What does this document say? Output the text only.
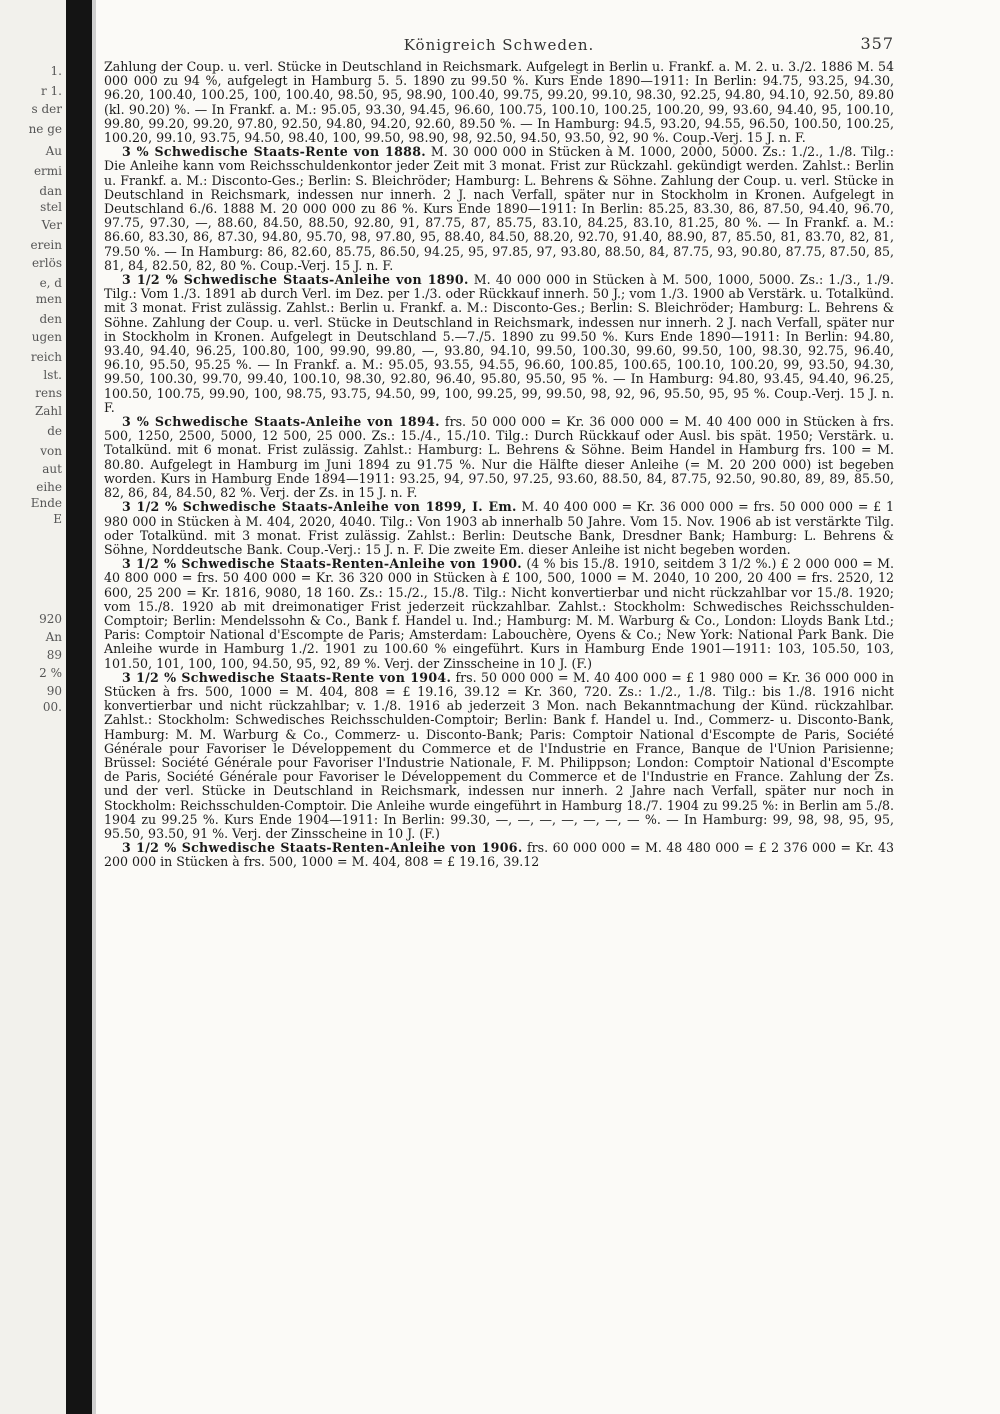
1.
r 1.
s der
ne ge
Au
ermi
dan
stel
Ver
erein
erlös
e, d
men
den
ugen
reich
lst.
rens
Zahl
de
von
aut
eihe
Ende
E
920
An
89
2 %
90
00.
Königreich Schweden.	357

Zahlung der Coup. u. verl. Stücke in Deutschland in Reichsmark. Aufgelegt in Berlin u. Frankf. a. M. 2. u. 3./2. 1886 M. 54 000 000 zu 94 %, aufgelegt in Hamburg 5. 5. 1890 zu 99.50 %. Kurs Ende 1890—1911: In Berlin: 94.75, 93.25, 94.30, 96.20, 100.40, 100.25, 100, 100.40, 98.50, 95, 98.90, 100.40, 99.75, 99.20, 99.10, 98.30, 92.25, 94.80, 94.10, 92.50, 89.80 (kl. 90.20) %. — In Frankf. a. M.: 95.05, 93.30, 94.45, 96.60, 100.75, 100.10, 100.25, 100.20, 99, 93.60, 94.40, 95, 100.10, 99.80, 99.20, 99.20, 97.80, 92.50, 94.80, 94.20, 92.60, 89.50 %. — In Hamburg: 94.5, 93.20, 94.55, 96.50, 100.50, 100.25, 100.20, 99.10, 93.75, 94.50, 98.40, 100, 99.50, 98.90, 98, 92.50, 94.50, 93.50, 92, 90 %. Coup.-Verj. 15 J. n. F.

3 % Schwedische Staats-Rente von 1888. M. 30 000 000 in Stücken à M. 1000, 2000, 5000. Zs.: 1./2., 1./8. Tilg.: Die Anleihe kann vom Reichsschuldenkontor jeder Zeit mit 3 monat. Frist zur Rückzahl. gekündigt werden. Zahlst.: Berlin u. Frankf. a. M.: Disconto-Ges.; Berlin: S. Bleichröder; Hamburg: L. Behrens & Söhne. Zahlung der Coup. u. verl. Stücke in Deutschland in Reichsmark, indessen nur innerh. 2 J. nach Verfall, später nur in Stockholm in Kronen. Aufgelegt in Deutschland 6./6. 1888 M. 20 000 000 zu 86 %. Kurs Ende 1890—1911: In Berlin: 85.25, 83.30, 86, 87.50, 94.40, 96.70, 97.75, 97.30, —, 88.60, 84.50, 88.50, 92.80, 91, 87.75, 87, 85.75, 83.10, 84.25, 83.10, 81.25, 80 %. — In Frankf. a. M.: 86.60, 83.30, 86, 87.30, 94.80, 95.70, 98, 97.80, 95, 88.40, 84.50, 88.20, 92.70, 91.40, 88.90, 87, 85.50, 81, 83.70, 82, 81, 79.50 %. — In Hamburg: 86, 82.60, 85.75, 86.50, 94.25, 95, 97.85, 97, 93.80, 88.50, 84, 87.75, 93, 90.80, 87.75, 87.50, 85, 81, 84, 82.50, 82, 80 %. Coup.-Verj. 15 J. n. F.

3 1/2 % Schwedische Staats-Anleihe von 1890. M. 40 000 000 in Stücken à M. 500, 1000, 5000. Zs.: 1./3., 1./9. Tilg.: Vom 1./3. 1891 ab durch Verl. im Dez. per 1./3. oder Rückkauf innerh. 50 J.; vom 1./3. 1900 ab Verstärk. u. Totalkünd. mit 3 monat. Frist zulässig. Zahlst.: Berlin u. Frankf. a. M.: Disconto-Ges.; Berlin: S. Bleichröder; Hamburg: L. Behrens & Söhne. Zahlung der Coup. u. verl. Stücke in Deutschland in Reichsmark, indessen nur innerh. 2 J. nach Verfall, später nur in Stockholm in Kronen. Aufgelegt in Deutschland 5.—7./5. 1890 zu 99.50 %. Kurs Ende 1890—1911: In Berlin: 94.80, 93.40, 94.40, 96.25, 100.80, 100, 99.90, 99.80, —, 93.80, 94.10, 99.50, 100.30, 99.60, 99.50, 100, 98.30, 92.75, 96.40, 96.10, 95.50, 95.25 %. — In Frankf. a. M.: 95.05, 93.55, 94.55, 96.60, 100.85, 100.65, 100.10, 100.20, 99, 93.50, 94.30, 99.50, 100.30, 99.70, 99.40, 100.10, 98.30, 92.80, 96.40, 95.80, 95.50, 95 %. — In Hamburg: 94.80, 93.45, 94.40, 96.25, 100.50, 100.75, 99.90, 100, 98.75, 93.75, 94.50, 99, 100, 99.25, 99, 99.50, 98, 92, 96, 95.50, 95, 95 %. Coup.-Verj. 15 J. n. F.

3 % Schwedische Staats-Anleihe von 1894. frs. 50 000 000 = Kr. 36 000 000 = M. 40 400 000 in Stücken à frs. 500, 1250, 2500, 5000, 12 500, 25 000. Zs.: 15./4., 15./10. Tilg.: Durch Rückkauf oder Ausl. bis spät. 1950; Verstärk. u. Totalkünd. mit 6 monat. Frist zulässig. Zahlst.: Hamburg: L. Behrens & Söhne. Beim Handel in Hamburg frs. 100 = M. 80.80. Aufgelegt in Hamburg im Juni 1894 zu 91.75 %. Nur die Hälfte dieser Anleihe (= M. 20 200 000) ist begeben worden. Kurs in Hamburg Ende 1894—1911: 93.25, 94, 97.50, 97.25, 93.60, 88.50, 84, 87.75, 92.50, 90.80, 89, 89, 85.50, 82, 86, 84, 84.50, 82 %. Verj. der Zs. in 15 J. n. F.

3 1/2 % Schwedische Staats-Anleihe von 1899, I. Em. M. 40 400 000 = Kr. 36 000 000 = frs. 50 000 000 = £ 1 980 000 in Stücken à M. 404, 2020, 4040. Tilg.: Von 1903 ab innerhalb 50 Jahre. Vom 15. Nov. 1906 ab ist verstärkte Tilg. oder Totalkünd. mit 3 monat. Frist zulässig. Zahlst.: Berlin: Deutsche Bank, Dresdner Bank; Hamburg: L. Behrens & Söhne, Norddeutsche Bank. Coup.-Verj.: 15 J. n. F. Die zweite Em. dieser Anleihe ist nicht begeben worden.

3 1/2 % Schwedische Staats-Renten-Anleihe von 1900. (4 % bis 15./8. 1910, seitdem 3 1/2 %.) £ 2 000 000 = M. 40 800 000 = frs. 50 400 000 = Kr. 36 320 000 in Stücken à £ 100, 500, 1000 = M. 2040, 10 200, 20 400 = frs. 2520, 12 600, 25 200 = Kr. 1816, 9080, 18 160. Zs.: 15./2., 15./8. Tilg.: Nicht konvertierbar und nicht rückzahlbar vor 15./8. 1920; vom 15./8. 1920 ab mit dreimonatiger Frist jederzeit rückzahlbar. Zahlst.: Stockholm: Schwedisches Reichsschulden-Comptoir; Berlin: Mendelssohn & Co., Bank f. Handel u. Ind.; Hamburg: M. M. Warburg & Co., London: Lloyds Bank Ltd.; Paris: Comptoir National d'Escompte de Paris; Amsterdam: Labouchère, Oyens & Co.; New York: National Park Bank. Die Anleihe wurde in Hamburg 1./2. 1901 zu 100.60 % eingeführt. Kurs in Hamburg Ende 1901—1911: 103, 105.50, 103, 101.50, 101, 100, 100, 94.50, 95, 92, 89 %. Verj. der Zinsscheine in 10 J. (F.)

3 1/2 % Schwedische Staats-Rente von 1904. frs. 50 000 000 = M. 40 400 000 = £ 1 980 000 = Kr. 36 000 000 in Stücken à frs. 500, 1000 = M. 404, 808 = £ 19.16, 39.12 = Kr. 360, 720. Zs.: 1./2., 1./8. Tilg.: bis 1./8. 1916 nicht konvertierbar und nicht rückzahlbar; v. 1./8. 1916 ab jederzeit 3 Mon. nach Bekanntmachung der Künd. rückzahlbar. Zahlst.: Stockholm: Schwedisches Reichsschulden-Comptoir; Berlin: Bank f. Handel u. Ind., Commerz- u. Disconto-Bank, Hamburg: M. M. Warburg & Co., Commerz- u. Disconto-Bank; Paris: Comptoir National d'Escompte de Paris, Société Générale pour Favoriser le Développement du Commerce et de l'Industrie en France, Banque de l'Union Parisienne; Brüssel: Société Générale pour Favoriser l'Industrie Nationale, F. M. Philippson; London: Comptoir National d'Escompte de Paris, Société Générale pour Favoriser le Développement du Commerce et de l'Industrie en France. Zahlung der Zs. und der verl. Stücke in Deutschland in Reichsmark, indessen nur innerh. 2 Jahre nach Verfall, später nur noch in Stockholm: Reichsschulden-Comptoir. Die Anleihe wurde eingeführt in Hamburg 18./7. 1904 zu 99.25 %: in Berlin am 5./8. 1904 zu 99.25 %. Kurs Ende 1904—1911: In Berlin: 99.30, —, —, —, —, —, —, — %. — In Hamburg: 99, 98, 98, 95, 95, 95.50, 93.50, 91 %. Verj. der Zinsscheine in 10 J. (F.)

3 1/2 % Schwedische Staats-Renten-Anleihe von 1906. frs. 60 000 000 = M. 48 480 000 = £ 2 376 000 = Kr. 43 200 000 in Stücken à frs. 500, 1000 = M. 404, 808 = £ 19.16, 39.12
